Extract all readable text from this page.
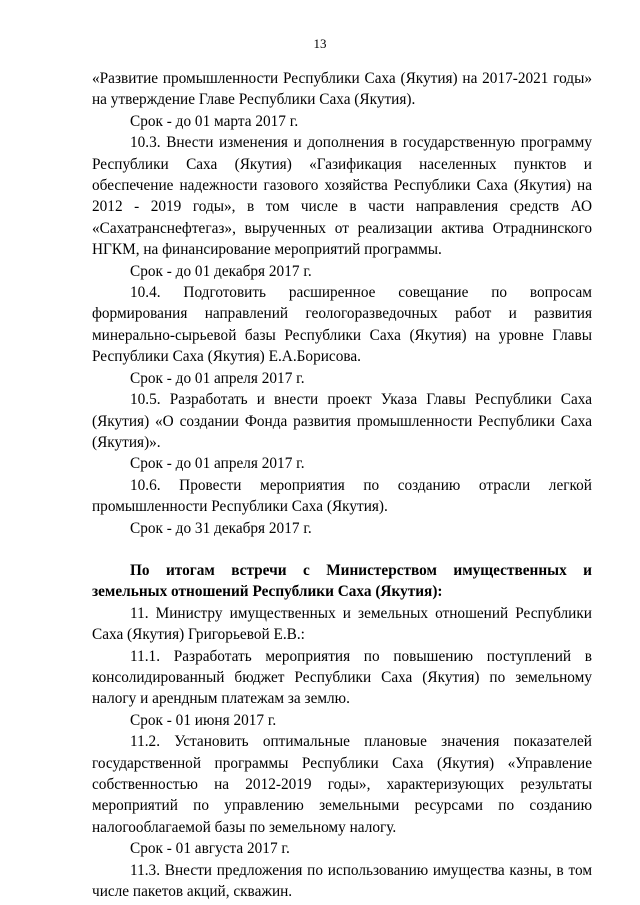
13

«Развитие промышленности Республики Саха (Якутия) на 2017-2021 годы» на утверждение Главе Республики Саха (Якутия).

Срок - до 01 марта 2017 г.

10.3. Внести изменения и дополнения в государственную программу Республики Саха (Якутия) «Газификация населенных пунктов и обеспечение надежности газового хозяйства Республики Саха (Якутия) на 2012 - 2019 годы», в том числе в части направления средств АО «Сахатранснефтегаз», вырученных от реализации актива Отраднинского НГКМ, на финансирование мероприятий программы.

Срок - до 01 декабря 2017 г.

10.4. Подготовить расширенное совещание по вопросам формирования направлений геологоразведочных работ и развития минерально-сырьевой базы Республики Саха (Якутия) на уровне Главы Республики Саха (Якутия) Е.А.Борисова.

Срок - до 01 апреля 2017 г.

10.5. Разработать и внести проект Указа Главы Республики Саха (Якутия) «О создании Фонда развития промышленности Республики Саха (Якутия)».

Срок - до 01 апреля 2017 г.

10.6. Провести мероприятия по созданию отрасли легкой промышленности Республики Саха (Якутия).

Срок - до 31 декабря 2017 г.

По итогам встречи с Министерством имущественных и земельных отношений Республики Саха (Якутия):

11. Министру имущественных и земельных отношений Республики Саха (Якутия) Григорьевой Е.В.:

11.1. Разработать мероприятия по повышению поступлений в консолидированный бюджет Республики Саха (Якутия) по земельному налогу и арендным платежам за землю.

Срок - 01 июня 2017 г.

11.2. Установить оптимальные плановые значения показателей государственной программы Республики Саха (Якутия) «Управление собственностью на 2012-2019 годы», характеризующих результаты мероприятий по управлению земельными ресурсами по созданию налогооблагаемой базы по земельному налогу.

Срок - 01 августа 2017 г.

11.3. Внести предложения по использованию имущества казны, в том числе пакетов акций, скважин.
